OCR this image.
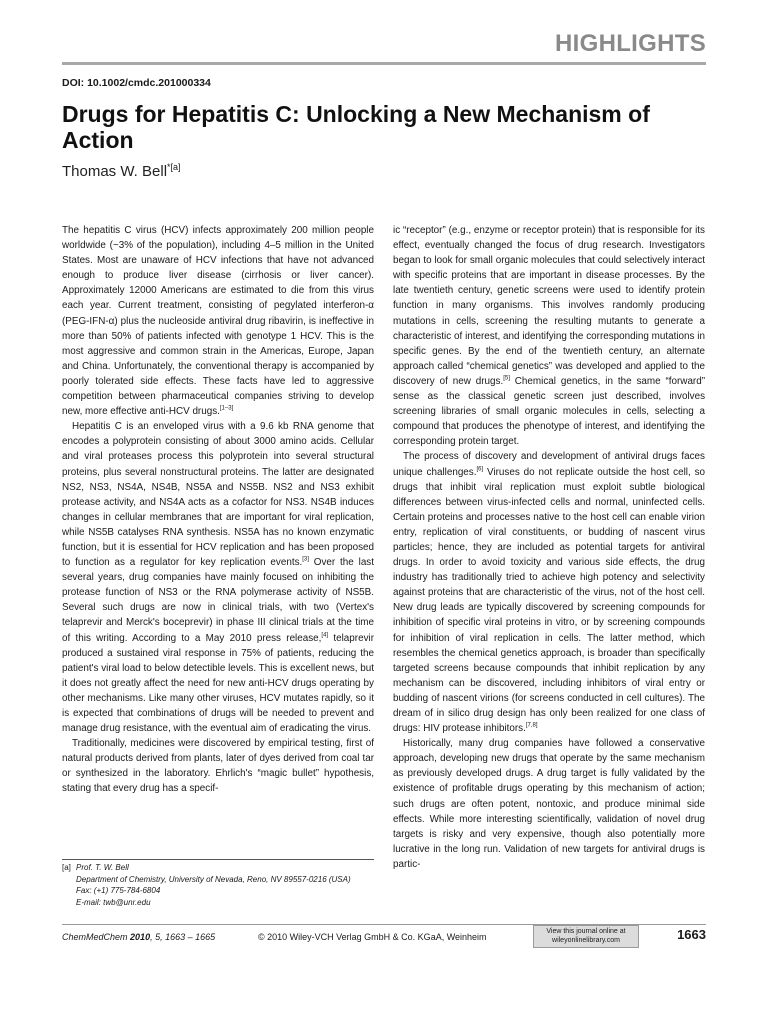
HIGHLIGHTS
DOI: 10.1002/cmdc.201000334
Drugs for Hepatitis C: Unlocking a New Mechanism of Action
Thomas W. Bell$^{*[a]}$

The hepatitis C virus (HCV) infects approximately 200 million people worldwide (~3% of the population), including 4–5 million in the United States. Most are unaware of HCV infections that have not advanced enough to produce liver disease (cirrhosis or liver cancer). Approximately 12000 Americans are estimated to die from this virus each year. Current treatment, consisting of pegylated interferon-α (PEG-IFN-α) plus the nucleoside antiviral drug ribavirin, is ineffective in more than 50% of patients infected with genotype 1 HCV. This is the most aggressive and common strain in the Americas, Europe, Japan and China. Unfortunately, the conventional therapy is accompanied by poorly tolerated side effects. These facts have led to aggressive competition between pharmaceutical companies striving to develop new, more effective anti-HCV drugs.[1–3]

Hepatitis C is an enveloped virus with a 9.6 kb RNA genome that encodes a polyprotein consisting of about 3000 amino acids. Cellular and viral proteases process this polyprotein into several structural proteins, plus several nonstructural proteins. The latter are designated NS2, NS3, NS4A, NS4B, NS5A and NS5B. NS2 and NS3 exhibit protease activity, and NS4A acts as a cofactor for NS3. NS4B induces changes in cellular membranes that are important for viral replication, while NS5B catalyses RNA synthesis. NS5A has no known enzymatic function, but it is essential for HCV replication and has been proposed to function as a regulator for key replication events.[3] Over the last several years, drug companies have mainly focused on inhibiting the protease function of NS3 or the RNA polymerase activity of NS5B. Several such drugs are now in clinical trials, with two (Vertex's telaprevir and Merck's boceprevir) in phase III clinical trials at the time of this writing. According to a May 2010 press release,[4] telaprevir produced a sustained viral response in 75% of patients, reducing the patient's viral load to below detectible levels. This is excellent news, but it does not greatly affect the need for new anti-HCV drugs operating by other mechanisms. Like many other viruses, HCV mutates rapidly, so it is expected that combinations of drugs will be needed to prevent and manage drug resistance, with the eventual aim of eradicating the virus.

Traditionally, medicines were discovered by empirical testing, first of natural products derived from plants, later of dyes derived from coal tar or synthesized in the laboratory. Ehrlich's “magic bullet” hypothesis, stating that every drug has a specif-

ic “receptor” (e.g., enzyme or receptor protein) that is responsible for its effect, eventually changed the focus of drug research. Investigators began to look for small organic molecules that could selectively interact with specific proteins that are important in disease processes. By the late twentieth century, genetic screens were used to identify protein function in many organisms. This involves randomly producing mutations in cells, screening the resulting mutants to generate a characteristic of interest, and identifying the corresponding mutations in specific genes. By the end of the twentieth century, an alternate approach called “chemical genetics” was developed and applied to the discovery of new drugs.[5] Chemical genetics, in the same “forward” sense as the classical genetic screen just described, involves screening libraries of small organic molecules in cells, selecting a compound that produces the phenotype of interest, and identifying the corresponding protein target.

The process of discovery and development of antiviral drugs faces unique challenges.[6] Viruses do not replicate outside the host cell, so drugs that inhibit viral replication must exploit subtle biological differences between virus-infected cells and normal, uninfected cells. Certain proteins and processes native to the host cell can enable virion entry, replication of viral constituents, or budding of nascent virus particles; hence, they are included as potential targets for antiviral drugs. In order to avoid toxicity and various side effects, the drug industry has traditionally tried to achieve high potency and selectivity against proteins that are characteristic of the virus, not of the host cell. New drug leads are typically discovered by screening compounds for inhibition of specific viral proteins in vitro, or by screening compounds for inhibition of viral replication in cells. The latter method, which resembles the chemical genetics approach, is broader than specifically targeted screens because compounds that inhibit replication by any mechanism can be discovered, including inhibitors of viral entry or budding of nascent virions (for screens conducted in cell cultures). The dream of in silico drug design has only been realized for one class of drugs: HIV protease inhibitors.[7,8]

Historically, many drug companies have followed a conservative approach, developing new drugs that operate by the same mechanism as previously developed drugs. A drug target is fully validated by the existence of profitable drugs operating by this mechanism of action; such drugs are often potent, nontoxic, and produce minimal side effects. While more interesting scientifically, validation of novel drug targets is risky and very expensive, though also potentially more lucrative in the long run. Validation of new targets for antiviral drugs is partic-

[a] Prof. T. W. Bell
Department of Chemistry, University of Nevada, Reno, NV 89557-0216 (USA)
Fax: (+1) 775-784-6804
E-mail: twb@unr.edu
ChemMedChem 2010, 5, 1663 – 1665	© 2010 Wiley-VCH Verlag GmbH & Co. KGaA, Weinheim
View this journal online at
wileyonlinelibrary.com	1663
